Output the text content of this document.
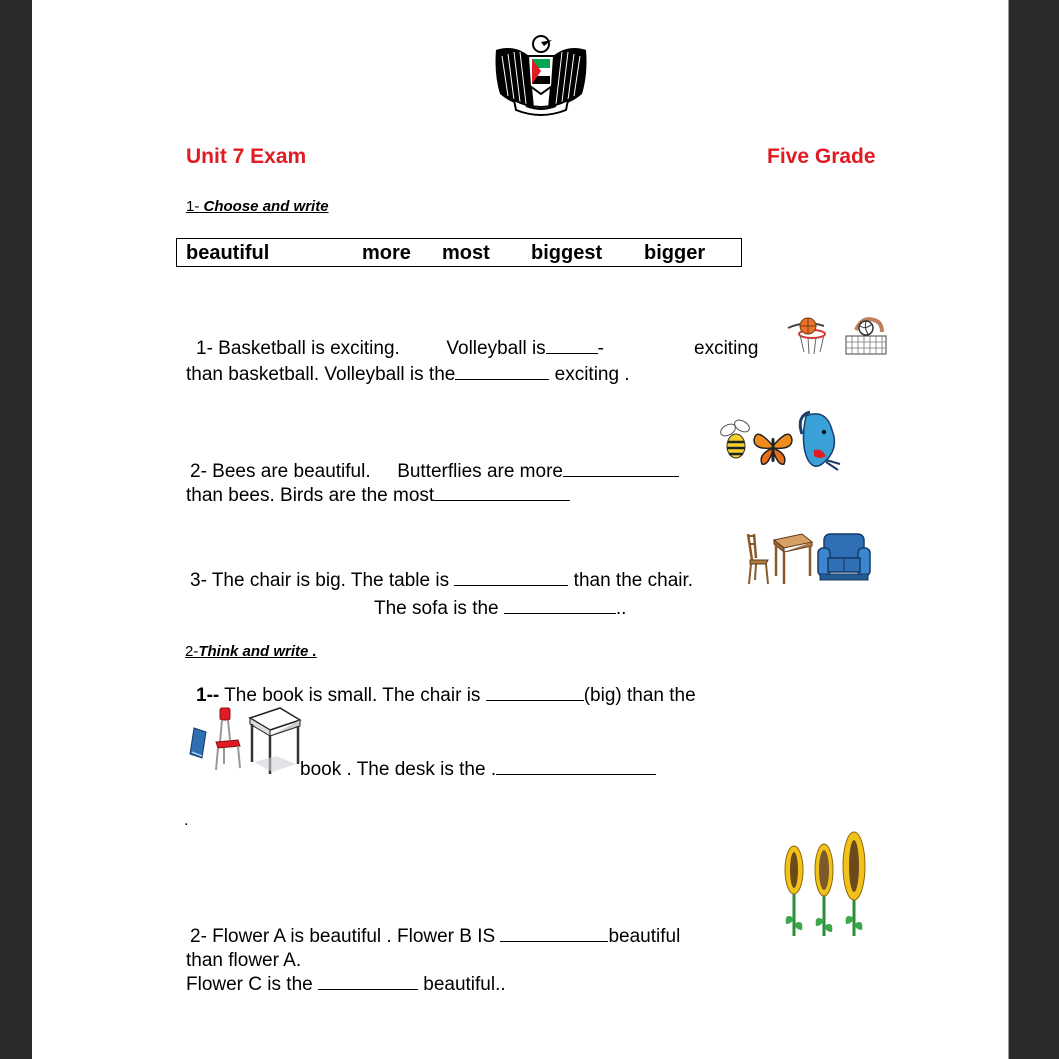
Unit 7 Exam	Five Grade
1- Choose and write
beautiful	more most biggest bigger
1- Basketball is exciting. Volleyball is	-	exciting
than basketball. Volleyball is the	exciting .
2- Bees are beautiful. Butterflies are more
than bees. Birds are the most
3- The chair is big. The table is	than the chair.
The sofa is the	..
2-Think and write .
1-- The book is small. The chair is	(big) than the
book . The desk is the .
.
2- Flower A is beautiful . Flower B IS	beautiful
than flower A.
Flower C is the	beautiful..
